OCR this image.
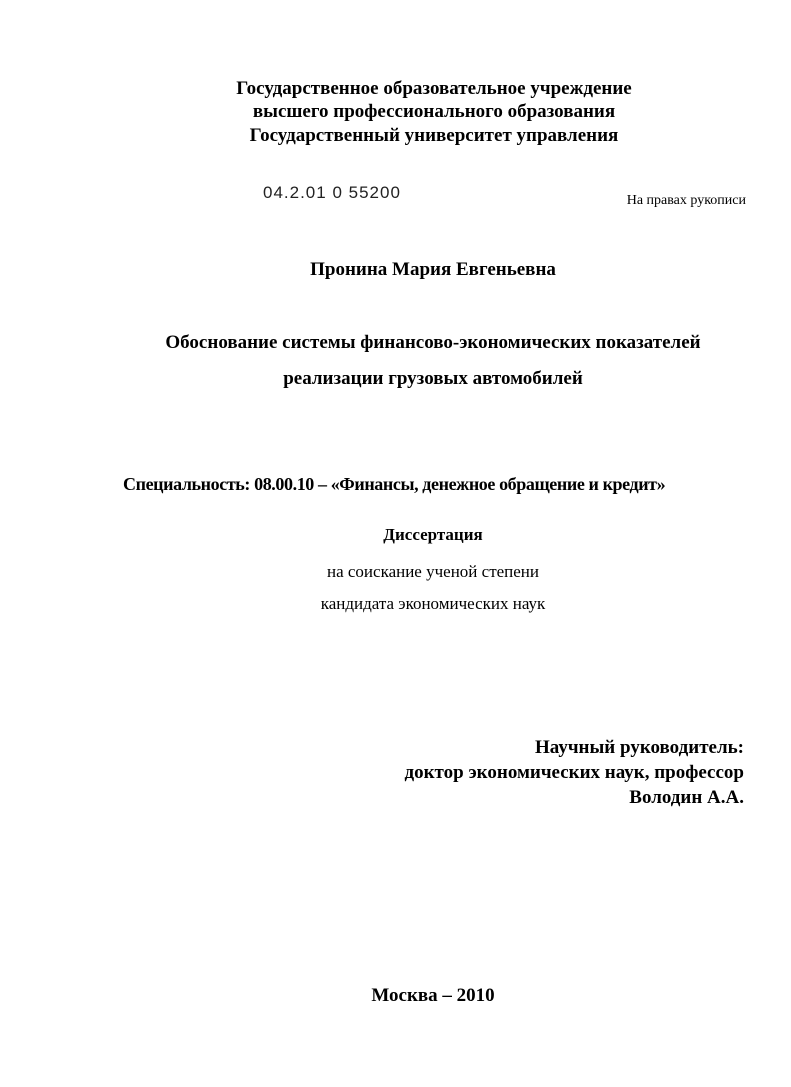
Государственное образовательное учреждение
высшего профессионального образования
Государственный университет управления
04.2.01 0 55200	На правах рукописи
Пронина Мария Евгеньевна
Обоснование системы финансово-экономических показателей
реализации грузовых автомобилей
Специальность: 08.00.10 – «Финансы, денежное обращение и кредит»
Диссертация
на соискание ученой степени
кандидата экономических наук
Научный руководитель:
доктор экономических наук, профессор
Володин А.А.
Москва – 2010
